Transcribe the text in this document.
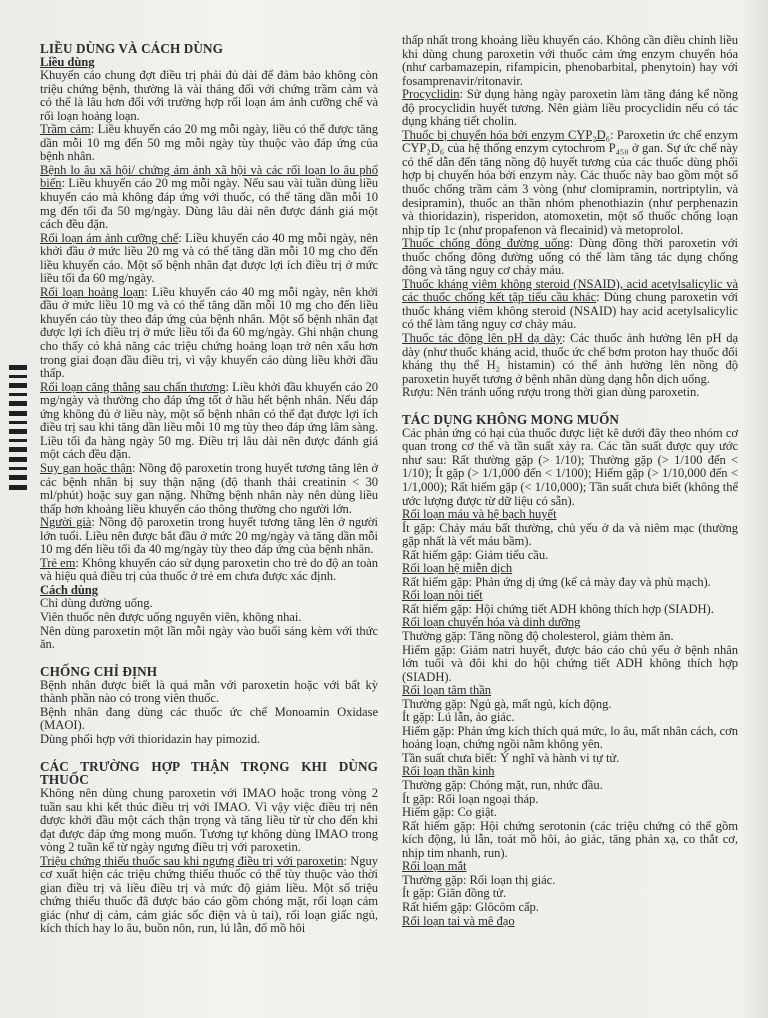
LIỀU DÙNG VÀ CÁCH DÙNG

Liều dùng

Khuyến cáo chung đợt điều trị phải đủ dài để đảm bảo không còn triệu chứng bệnh, thường là vài tháng đối với chứng trầm cảm và có thể là lâu hơn đối với trường hợp rối loạn ám ảnh cưỡng chế và rối loạn hoảng loạn.

Trầm cảm: Liều khuyến cáo 20 mg mỗi ngày, liều có thể được tăng dần mỗi 10 mg đến 50 mg mỗi ngày tùy thuộc vào đáp ứng của bệnh nhân.

Bệnh lo âu xã hội/ chứng ám ảnh xã hội và các rối loạn lo âu phổ biến: Liều khuyến cáo 20 mg mỗi ngày. Nếu sau vài tuần dùng liều khuyến cáo mà không đáp ứng với thuốc, có thể tăng dần mỗi 10 mg đến tối đa 50 mg/ngày. Dùng lâu dài nên được đánh giá một cách đều đặn.

Rối loạn ám ảnh cưỡng chế: Liều khuyến cáo 40 mg mỗi ngày, nên khởi đầu ở mức liều 20 mg và có thể tăng dần mỗi 10 mg cho đến liều khuyến cáo. Một số bệnh nhân đạt được lợi ích điều trị ở mức liều tối đa 60 mg/ngày.

Rối loạn hoảng loạn: Liều khuyến cáo 40 mg mỗi ngày, nên khởi đầu ở mức liều 10 mg và có thể tăng dần mỗi 10 mg cho đến liều khuyến cáo tùy theo đáp ứng của bệnh nhân. Một số bệnh nhân đạt được lợi ích điều trị ở mức liều tối đa 60 mg/ngày. Ghi nhận chung cho thấy có khả năng các triệu chứng hoảng loạn trở nên xấu hơn trong giai đoạn đầu điều trị, vì vậy khuyến cáo dùng liều khởi đầu thấp.

Rối loạn căng thẳng sau chấn thương: Liều khởi đầu khuyến cáo 20 mg/ngày và thường cho đáp ứng tốt ở hầu hết bệnh nhân. Nếu đáp ứng không đủ ở liều này, một số bệnh nhân có thể đạt được lợi ích điều trị sau khi tăng dần liều mỗi 10 mg tùy theo đáp ứng lâm sàng. Liều tối đa hàng ngày 50 mg. Điều trị lâu dài nên được đánh giá một cách đều đặn.

Suy gan hoặc thận: Nồng độ paroxetin trong huyết tương tăng lên ở các bệnh nhân bị suy thận nặng (độ thanh thải creatinin < 30 ml/phút) hoặc suy gan nặng. Những bệnh nhân này nên dùng liều thấp hơn khoảng liều khuyến cáo thông thường cho người lớn.

Người già: Nồng độ paroxetin trong huyết tương tăng lên ở người lớn tuổi. Liều nên được bắt đầu ở mức 20 mg/ngày và tăng dần mỗi 10 mg đến liều tối đa 40 mg/ngày tùy theo đáp ứng của bệnh nhân.

Trẻ em: Không khuyến cáo sử dụng paroxetin cho trẻ do độ an toàn và hiệu quả điều trị của thuốc ở trẻ em chưa được xác định.

Cách dùng

Chỉ dùng đường uống.

Viên thuốc nên được uống nguyên viên, không nhai.

Nên dùng paroxetin một lần mỗi ngày vào buổi sáng kèm với thức ăn.

CHỐNG CHỈ ĐỊNH

Bệnh nhân được biết là quá mẫn với paroxetin hoặc với bất kỳ thành phần nào có trong viên thuốc.

Bệnh nhân đang dùng các thuốc ức chế Monoamin Oxidase (MAOI).

Dùng phối hợp với thioridazin hay pimozid.

CÁC TRƯỜNG HỢP THẬN TRỌNG KHI DÙNG THUỐC

Không nên dùng chung paroxetin với IMAO hoặc trong vòng 2 tuần sau khi kết thúc điều trị với IMAO. Vì vậy việc điều trị nên được khởi đầu một cách thận trọng và tăng liều từ từ cho đến khi đạt được đáp ứng mong muốn. Tương tự không dùng IMAO trong vòng 2 tuần kể từ ngày ngưng điều trị với paroxetin.

Triệu chứng thiếu thuốc sau khi ngưng điều trị với paroxetin: Nguy cơ xuất hiện các triệu chứng thiếu thuốc có thể tùy thuộc vào thời gian điều trị và liều điều trị và mức độ giảm liều. Một số triệu chứng thiếu thuốc đã được báo cáo gồm chóng mặt, rối loạn cảm giác (như dị cảm, cảm giác sốc điện và ù tai), rối loạn giấc ngủ, kích thích hay lo âu, buồn nôn, run, lú lẫn, đổ mồ hôi

thấp nhất trong khoảng liều khuyến cáo. Không cần điều chỉnh liều khi dùng chung paroxetin với thuốc cảm ứng enzym chuyển hóa (như carbamazepin, rifampicin, phenobarbital, phenytoin) hay với fosamprenavir/ritonavir.

Procyclidin: Sử dụng hàng ngày paroxetin làm tăng đáng kể nồng độ procyclidin huyết tương. Nên giảm liều procyclidin nếu có tác dụng kháng tiết cholin.

Thuốc bị chuyển hóa bởi enzym CYP₂D₆: Paroxetin ức chế enzym CYP₂D₆ của hệ thống enzym cytochrom P₄₅₀ ở gan. Sự ức chế này có thể dẫn đến tăng nồng độ huyết tương của các thuốc dùng phối hợp bị chuyển hóa bởi enzym này. Các thuốc này bao gồm một số thuốc chống trầm cảm 3 vòng (như clomipramin, nortriptylin, và desipramin), thuốc an thần nhóm phenothiazin (như perphenazin và thioridazin), risperidon, atomoxetin, một số thuốc chống loạn nhịp típ 1c (như propafenon và flecainid) và metoprolol.

Thuốc chống đông đường uống: Dùng đồng thời paroxetin với thuốc chống đông đường uống có thể làm tăng tác dụng chống đông và tăng nguy cơ chảy máu.

Thuốc kháng viêm không steroid (NSAID), acid acetylsalicylic và các thuốc chống kết tập tiểu cầu khác: Dùng chung paroxetin với thuốc kháng viêm không steroid (NSAID) hay acid acetylsalicylic có thể làm tăng nguy cơ chảy máu.

Thuốc tác động lên pH dạ dày: Các thuốc ảnh hưởng lên pH dạ dày (như thuốc kháng acid, thuốc ức chế bơm proton hay thuốc đối kháng thụ thể H₂ histamin) có thể ảnh hưởng lên nồng độ paroxetin huyết tương ở bệnh nhân dùng dạng hỗn dịch uống.

Rượu: Nên tránh uống rượu trong thời gian dùng paroxetin.

TÁC DỤNG KHÔNG MONG MUỐN

Các phản ứng có hại của thuốc được liệt kê dưới đây theo nhóm cơ quan trong cơ thể và tần suất xảy ra. Các tần suất được quy ước như sau: Rất thường gặp (> 1/10); Thường gặp (> 1/100 đến < 1/10); Ít gặp (> 1/1,000 đến < 1/100); Hiếm gặp (> 1/10,000 đến < 1/1,000); Rất hiếm gặp (< 1/10,000); Tần suất chưa biết (không thể ước lượng được từ dữ liệu có sẵn).

Rối loạn máu và hệ bạch huyết

Ít gặp: Chảy máu bất thường, chủ yếu ở da và niêm mạc (thường gặp nhất là vết máu bầm).

Rất hiếm gặp: Giảm tiểu cầu.

Rối loạn hệ miễn dịch

Rất hiếm gặp: Phản ứng dị ứng (kể cả mày đay và phù mạch).

Rối loạn nội tiết

Rất hiếm gặp: Hội chứng tiết ADH không thích hợp (SIADH).

Rối loạn chuyển hóa và dinh dưỡng

Thường gặp: Tăng nồng độ cholesterol, giảm thèm ăn.

Hiếm gặp: Giảm natri huyết, được báo cáo chủ yếu ở bệnh nhân lớn tuổi và đôi khi do hội chứng tiết ADH không thích hợp (SIADH).

Rối loạn tâm thần

Thường gặp: Ngủ gà, mất ngủ, kích động.

Ít gặp: Lú lẫn, ảo giác.

Hiếm gặp: Phản ứng kích thích quá mức, lo âu, mất nhân cách, cơn hoảng loạn, chứng ngồi nằm không yên.

Tần suất chưa biết: Ý nghĩ và hành vi tự tử.

Rối loạn thần kinh

Thường gặp: Chóng mặt, run, nhức đầu.

Ít gặp: Rối loạn ngoại tháp.

Hiếm gặp: Co giật.

Rất hiếm gặp: Hội chứng serotonin (các triệu chứng có thể gồm kích động, lú lẫn, toát mồ hôi, ảo giác, tăng phản xạ, co thắt cơ, nhịp tim nhanh, run).

Rối loạn mắt

Thường gặp: Rối loạn thị giác.

Ít gặp: Giãn đồng tử.

Rất hiếm gặp: Glôcôm cấp.

Rối loạn tai và mê đạo
